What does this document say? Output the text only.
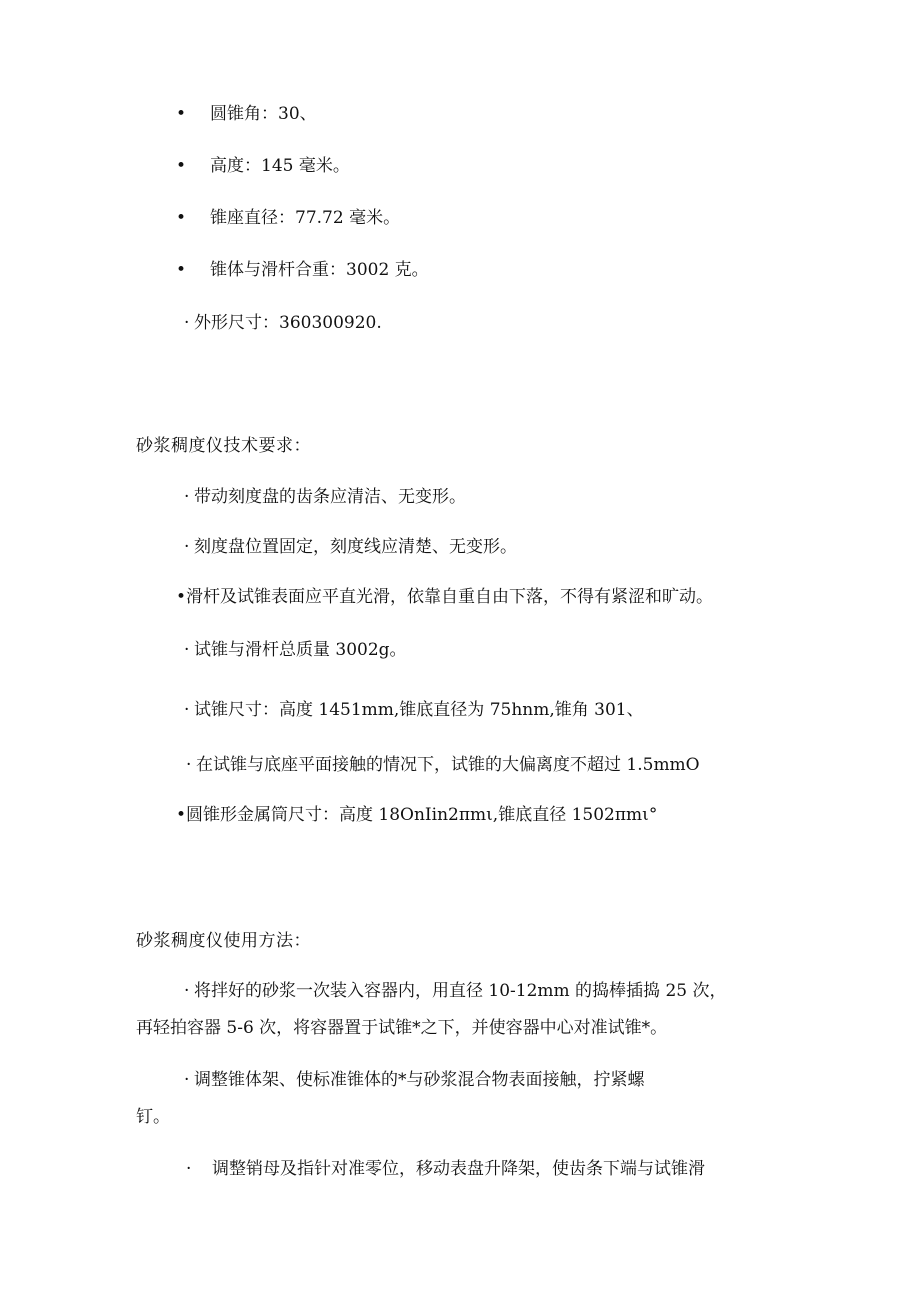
• 圆锥角：30、
• 高度：145 毫米。
• 锥座直径：77.72 毫米。
• 锥体与滑杆合重：3002 克。
· 外形尺寸：360300920.
砂浆稠度仪技术要求：
· 带动刻度盘的齿条应清洁、无变形。
· 刻度盘位置固定，刻度线应清楚、无变形。
•滑杆及试锥表面应平直光滑，依靠自重自由下落，不得有紧涩和旷动。
· 试锥与滑杆总质量 3002g。
· 试锥尺寸：高度 1451mm,锥底直径为 75hnm,锥角 301、
· 在试锥与底座平面接触的情况下，试锥的大偏离度不超过 1.5mmO
•圆锥形金属筒尺寸：高度 18OnIin2πmι,锥底直径 1502πmι°
砂浆稠度仪使用方法：
· 将拌好的砂浆一次装入容器内，用直径 10-12mm 的捣棒插捣 25 次，
再轻拍容器 5-6 次，将容器置于试锥*之下，并使容器中心对准试锥*。
· 调整锥体架、使标准锥体的*与砂浆混合物表面接触，拧紧螺
钉。
· 调整销母及指针对准零位，移动表盘升降架，使齿条下端与试锥滑
